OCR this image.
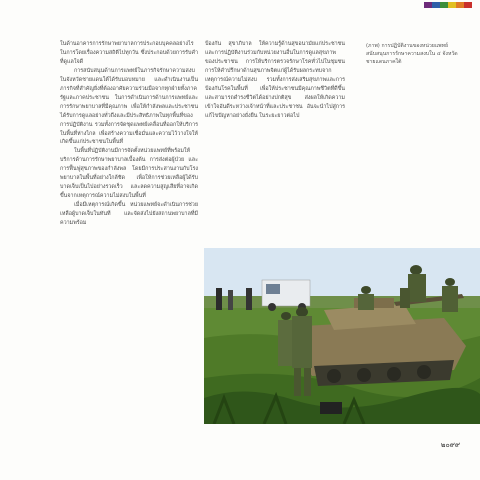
ในด้านอาคารการรักษาพยาบาลการประกอบบุคคลอย่างไรในการโดยเรื่องความสถิติไปทุกวัน ซึ่งประกอบด้วยการรับคำที่ดูแลใจดี

การสนับสนุนด้านการแพทย์ในภารกิจรักษาความสงบในจังหวัดชายแดนใต้ได้รับมอบหมาย และดำเนินงานเป็นภารกิจที่สำคัญยิ่งที่ต้องอาศัยความร่วมมือจากทุกฝ่ายทั้งภาครัฐและภาคประชาชน ในการดำเนินการด้านการแพทย์และการรักษาพยาบาลที่มีคุณภาพ เพื่อให้กำลังพลและประชาชนได้รับการดูแลอย่างทั่วถึงและมีประสิทธิภาพในทุกพื้นที่ของการปฏิบัติงาน รวมทั้งการจัดชุดแพทย์เคลื่อนที่ออกให้บริการในพื้นที่ห่างไกล เพื่อสร้างความเชื่อมั่นและความไว้วางใจให้เกิดขึ้นแก่ประชาชนในพื้นที่

ในพื้นที่ปฏิบัติงานมีการจัดตั้งหน่วยแพทย์ที่พร้อมให้บริการด้านการรักษาพยาบาลเบื้องต้น การส่งต่อผู้ป่วย และการฟื้นฟูสุขภาพของกำลังพล โดยมีการประสานงานกับโรงพยาบาลในพื้นที่อย่างใกล้ชิด เพื่อให้การช่วยเหลือผู้ได้รับบาดเจ็บเป็นไปอย่างรวดเร็ว และลดความสูญเสียที่อาจเกิดขึ้นจากเหตุการณ์ความไม่สงบในพื้นที่

เมื่อมีเหตุการณ์เกิดขึ้น หน่วยแพทย์จะดำเนินการช่วยเหลือผู้บาดเจ็บในทันที และจัดส่งไปยังสถานพยาบาลที่มีความพร้อม

ป้องกัน สุขาภิบาล ให้ความรู้ด้านสุขอนามัยแก่ประชาชน และการปฏิบัติงานร่วมกับหน่วยงานอื่นในการดูแลสุขภาพของประชาชน การให้บริการตรวจรักษาโรคทั่วไปในชุมชน การให้คำปรึกษาด้านสุขภาพจิตแก่ผู้ได้รับผลกระทบจากเหตุการณ์ความไม่สงบ รวมทั้งการส่งเสริมสุขภาพและการป้องกันโรคในพื้นที่ เพื่อให้ประชาชนมีคุณภาพชีวิตที่ดีขึ้น และสามารถดำรงชีวิตได้อย่างปกติสุข ส่งผลให้เกิดความเข้าใจอันดีระหว่างเจ้าหน้าที่และประชาชน อันจะนำไปสู่การแก้ไขปัญหาอย่างยั่งยืน ในระยะยาวต่อไป

(ภาพ) การปฏิบัติงานของหน่วยแพทย์สนับสนุนการรักษาความสงบใน ๔ จังหวัดชายแดนภาคใต้
๒๐๙๙
